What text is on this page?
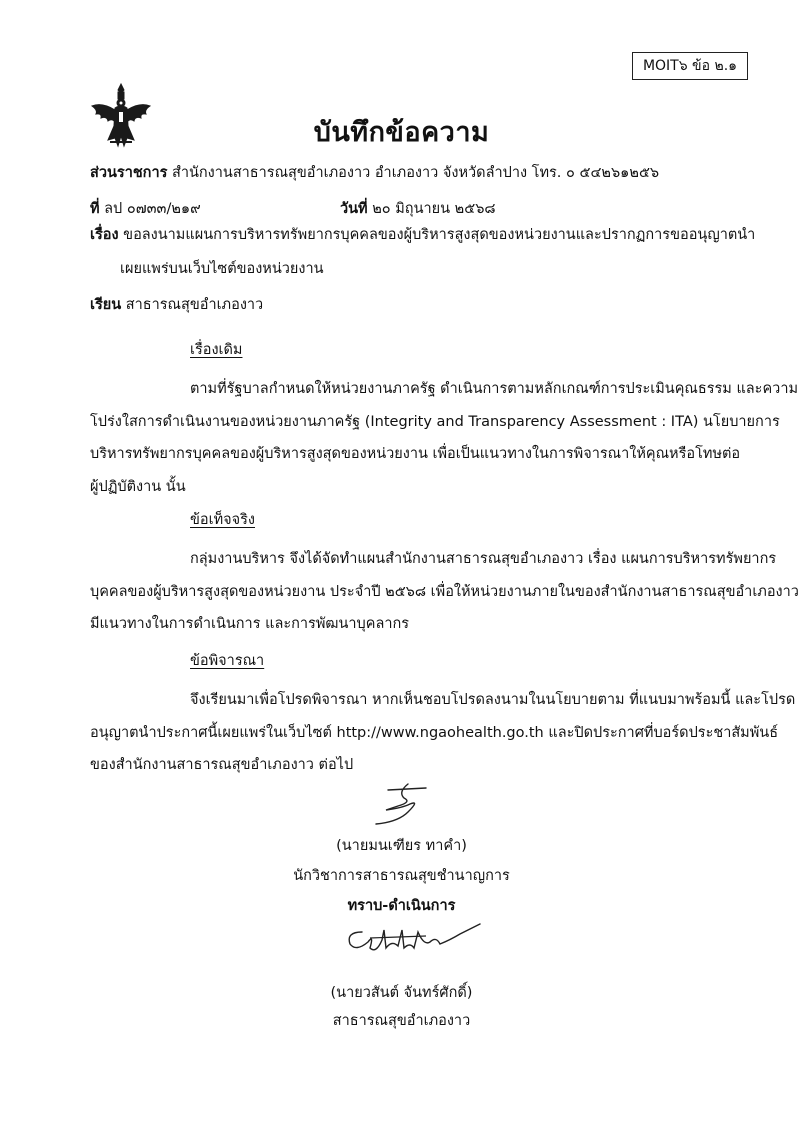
MOIT๖ ข้อ ๒.๑
บันทึกข้อความ
ส่วนราชการ สำนักงานสาธารณสุขอำเภองาว อำเภองาว จังหวัดลำปาง โทร. ๐ ๕๔๒๖๑๒๕๖
ที่ ลป ๐๗๓๓/๒๑๙	วันที่ ๒๐ มิถุนายน ๒๕๖๘
เรื่อง ขอลงนามแผนการบริหารทรัพยากรบุคคลของผู้บริหารสูงสุดของหน่วยงานและปรากฏการขออนุญาตนำ
เผยแพร่บนเว็บไซต์ของหน่วยงาน
เรียน สาธารณสุขอำเภองาว
เรื่องเดิม
ตามที่รัฐบาลกำหนดให้หน่วยงานภาครัฐ ดำเนินการตามหลักเกณฑ์การประเมินคุณธรรม และความ
โปร่งใสการดำเนินงานของหน่วยงานภาครัฐ (Integrity and Transparency Assessment : ITA) นโยบายการ
บริหารทรัพยากรบุคคลของผู้บริหารสูงสุดของหน่วยงาน เพื่อเป็นแนวทางในการพิจารณาให้คุณหรือโทษต่อ
ผู้ปฏิบัติงาน นั้น
ข้อเท็จจริง
กลุ่มงานบริหาร จึงได้จัดทำแผนสำนักงานสาธารณสุขอำเภองาว เรื่อง แผนการบริหารทรัพยากร
บุคคลของผู้บริหารสูงสุดของหน่วยงาน ประจำปี ๒๕๖๘ เพื่อให้หน่วยงานภายในของสำนักงานสาธารณสุขอำเภองาว
มีแนวทางในการดำเนินการ และการพัฒนาบุคลากร
ข้อพิจารณา
จึงเรียนมาเพื่อโปรดพิจารณา หากเห็นชอบโปรดลงนามในนโยบายตาม ที่แนบมาพร้อมนี้ และโปรด
อนุญาตนำประกาศนี้เผยแพร่ในเว็บไซต์ http://www.ngaohealth.go.th และปิดประกาศที่บอร์ดประชาสัมพันธ์
ของสำนักงานสาธารณสุขอำเภองาว ต่อไป
(นายมนเฑียร ทาคำ)
นักวิชาการสาธารณสุขชำนาญการ
ทราบ-ดำเนินการ
(นายวสันต์ จันทร์ศักดิ์)
สาธารณสุขอำเภองาว
